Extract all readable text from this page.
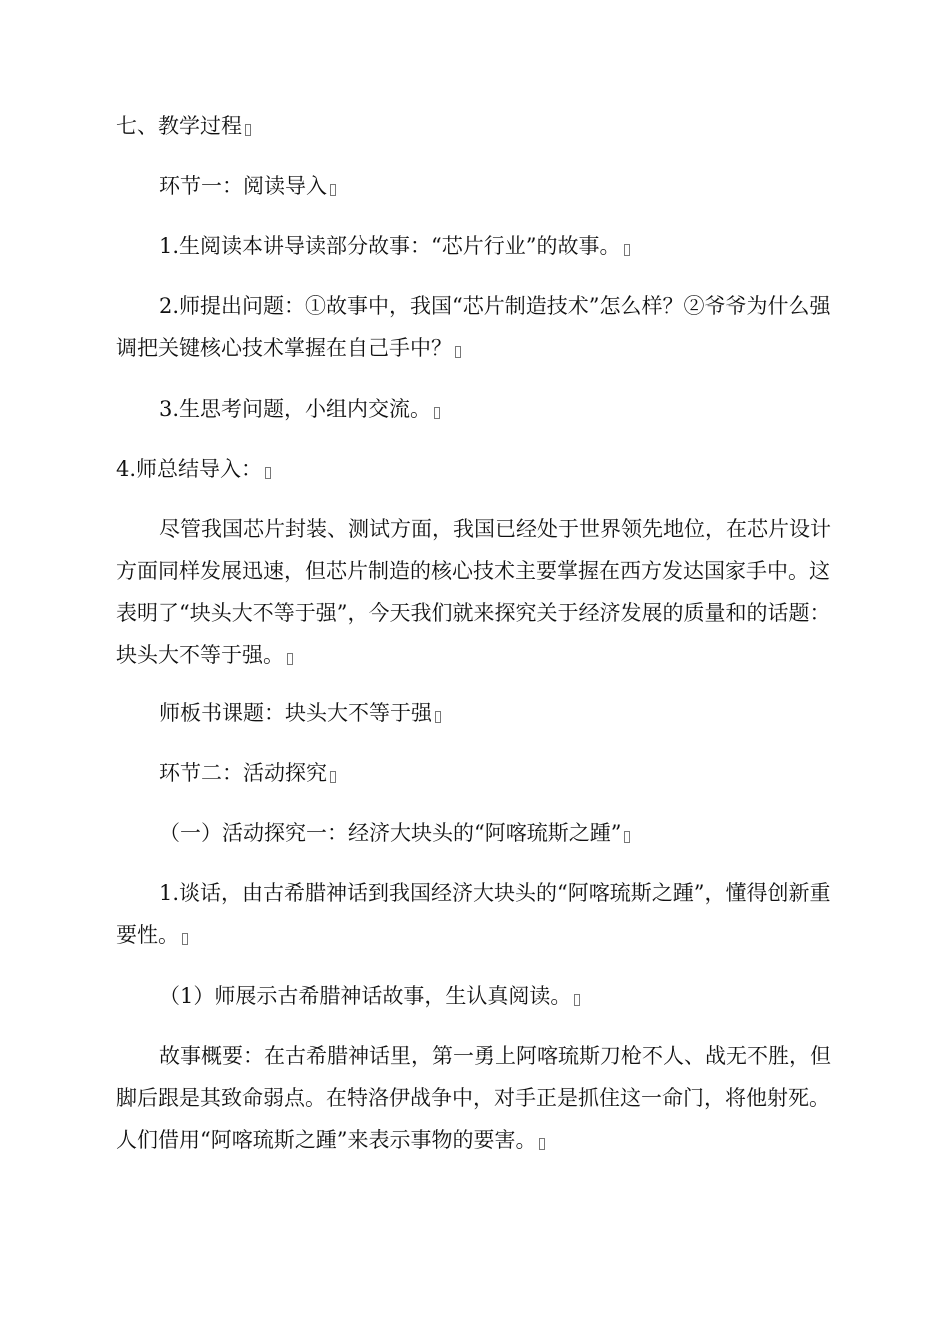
七、教学过程
环节一：阅读导入
1.生阅读本讲导读部分故事：“芯片行业”的故事。
2.师提出问题：①故事中，我国“芯片制造技术”怎么样？②爷爷为什么强调把关键核心技术掌握在自己手中？
3.生思考问题，小组内交流。
4.师总结导入：
尽管我国芯片封装、测试方面，我国已经处于世界领先地位，在芯片设计方面同样发展迅速，但芯片制造的核心技术主要掌握在西方发达国家手中。这表明了“块头大不等于强”，今天我们就来探究关于经济发展的质量和的话题：块头大不等于强。
师板书课题：块头大不等于强
环节二：活动探究
（一）活动探究一：经济大块头的“阿喀琉斯之踵”
1.谈话，由古希腊神话到我国经济大块头的“阿喀琉斯之踵”，懂得创新重要性。
（1）师展示古希腊神话故事，生认真阅读。
故事概要：在古希腊神话里，第一勇上阿喀琉斯刀枪不人、战无不胜，但脚后跟是其致命弱点。在特洛伊战争中，对手正是抓住这一命门，将他射死。人们借用“阿喀琉斯之踵”来表示事物的要害。
